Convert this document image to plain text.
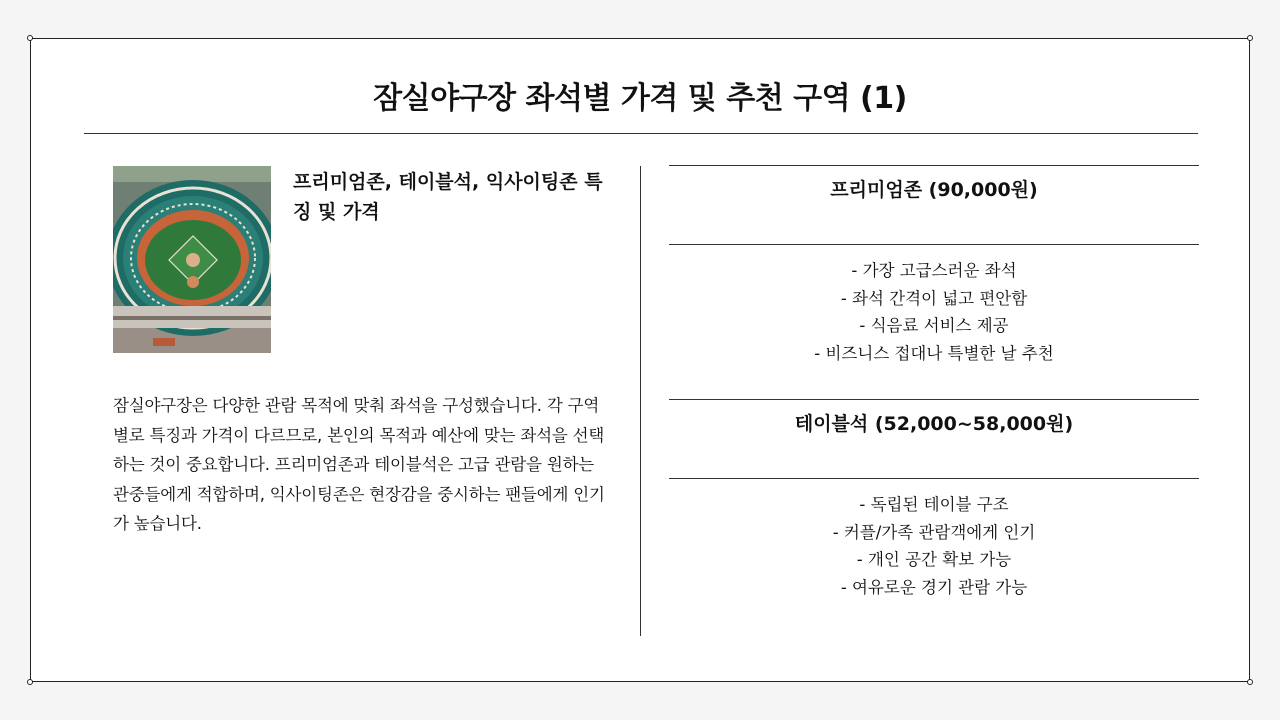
잠실야구장 좌석별 가격 및 추천 구역 (1)
프리미엄존, 테이블석, 익사이팅존 특징 및 가격
잠실야구장은 다양한 관람 목적에 맞춰 좌석을 구성했습니다. 각 구역별로 특징과 가격이 다르므로, 본인의 목적과 예산에 맞는 좌석을 선택하는 것이 중요합니다. 프리미엄존과 테이블석은 고급 관람을 원하는 관중들에게 적합하며, 익사이팅존은 현장감을 중시하는 팬들에게 인기가 높습니다.
프리미엄존 (90,000원)
- 가장 고급스러운 좌석
- 좌석 간격이 넓고 편안함
- 식음료 서비스 제공
- 비즈니스 접대나 특별한 날 추천
테이블석 (52,000~58,000원)
- 독립된 테이블 구조
- 커플/가족 관람객에게 인기
- 개인 공간 확보 가능
- 여유로운 경기 관람 가능
